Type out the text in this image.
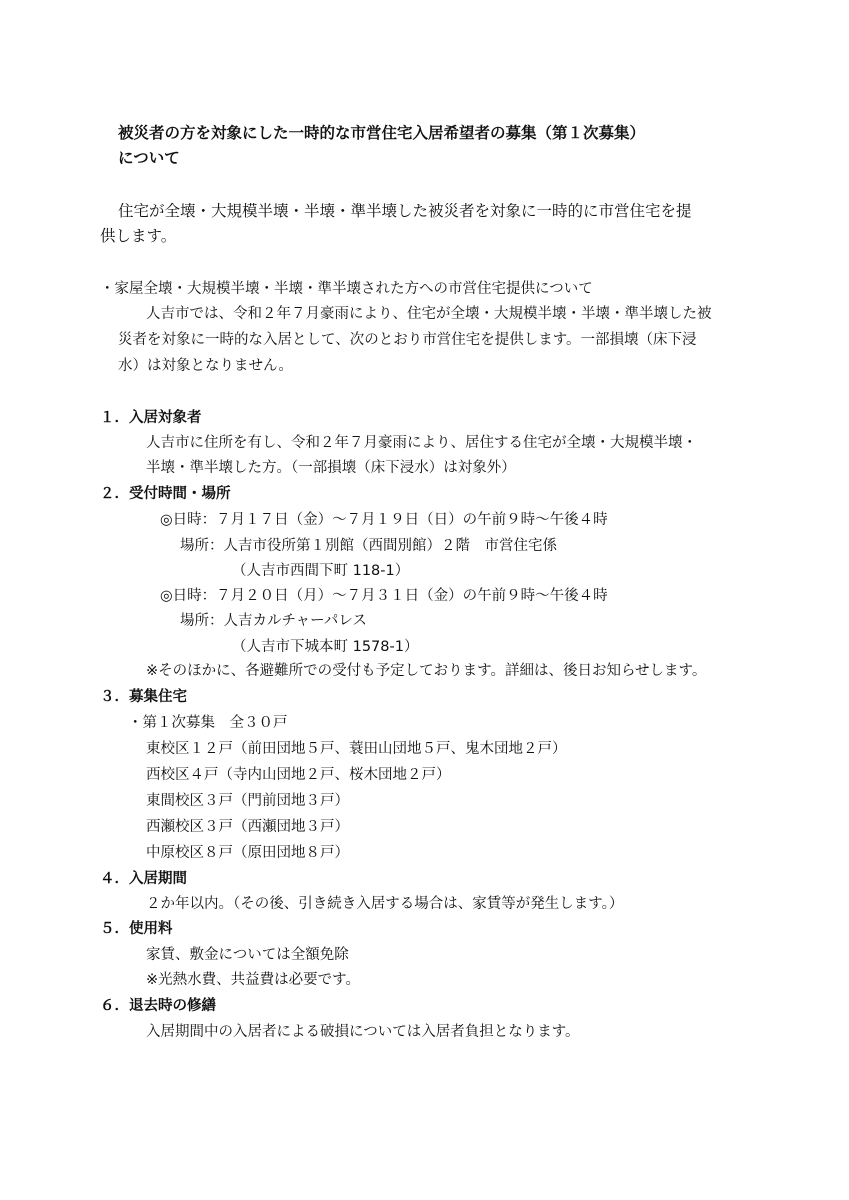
被災者の方を対象にした一時的な市営住宅入居希望者の募集（第１次募集）
について
住宅が全壊・大規模半壊・半壊・準半壊した被災者を対象に一時的に市営住宅を提
供します。
・家屋全壊・大規模半壊・半壊・準半壊された方への市営住宅提供について
人吉市では、令和２年７月豪雨により、住宅が全壊・大規模半壊・半壊・準半壊した被
災者を対象に一時的な入居として、次のとおり市営住宅を提供します。一部損壊（床下浸
水）は対象となりません。
１．入居対象者
人吉市に住所を有し、令和２年７月豪雨により、居住する住宅が全壊・大規模半壊・
半壊・準半壊した方。（一部損壊（床下浸水）は対象外）
２．受付時間・場所
◎日時：７月１７日（金）～７月１９日（日）の午前９時～午後４時
場所：人吉市役所第１別館（西間別館）２階　市営住宅係
（人吉市西間下町 118-1）
◎日時：７月２０日（月）～７月３１日（金）の午前９時～午後４時
場所：人吉カルチャーパレス
（人吉市下城本町 1578-1）
※そのほかに、各避難所での受付も予定しております。詳細は、後日お知らせします。
３．募集住宅
・第１次募集　全３０戸
東校区１２戸（前田団地５戸、蓑田山団地５戸、鬼木団地２戸）
西校区４戸（寺内山団地２戸、桜木団地２戸）
東間校区３戸（門前団地３戸）
西瀬校区３戸（西瀬団地３戸）
中原校区８戸（原田団地８戸）
４．入居期間
２か年以内。（その後、引き続き入居する場合は、家賃等が発生します。）
５．使用料
家賃、敷金については全額免除
※光熱水費、共益費は必要です。
６．退去時の修繕
入居期間中の入居者による破損については入居者負担となります。
